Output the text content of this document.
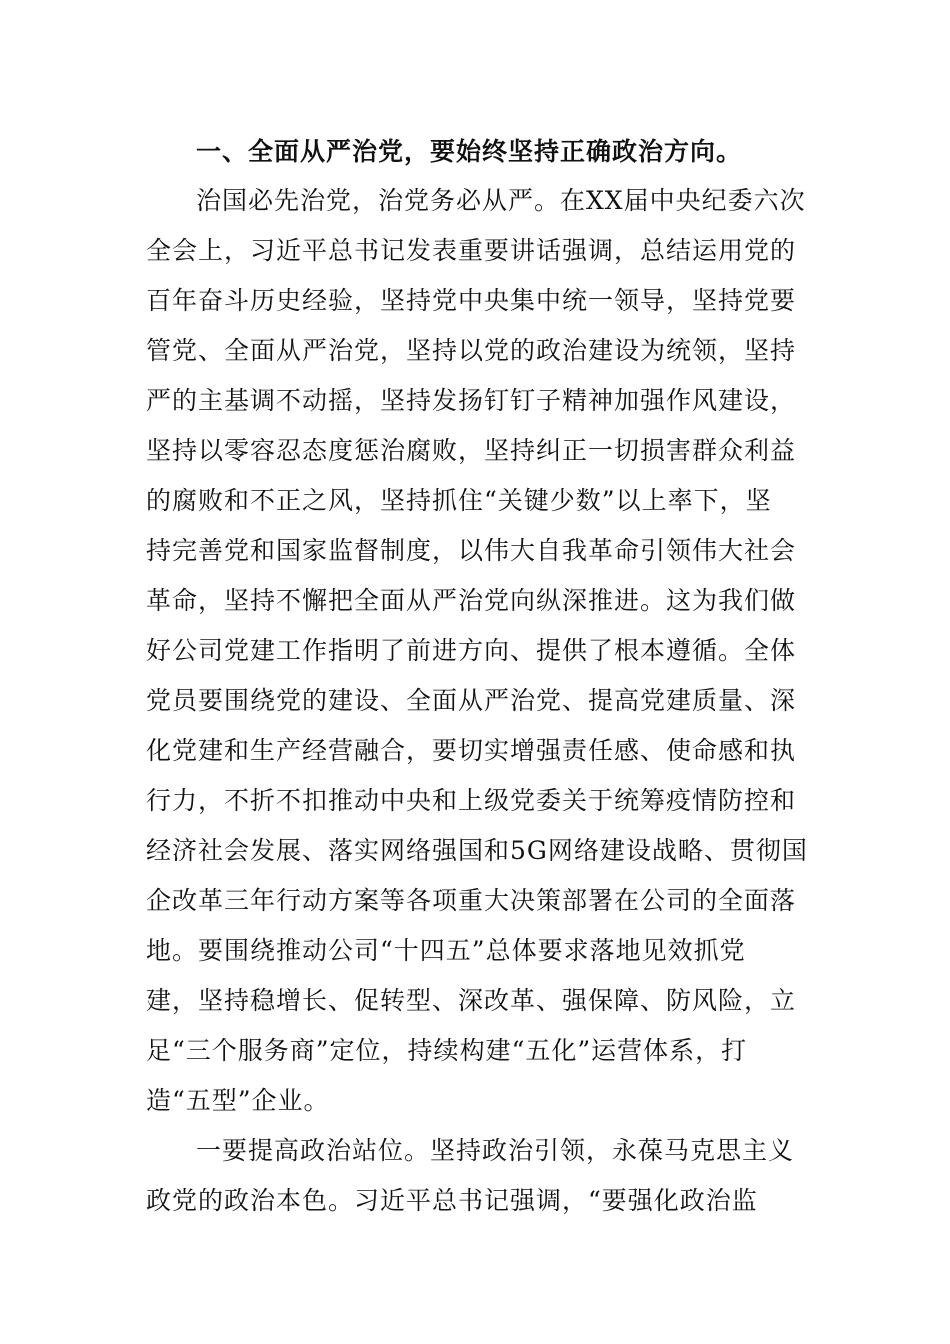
一、全面从严治党，要始终坚持正确政治方向。
治国必先治党，治党务必从严。在XX届中央纪委六次
全会上，习近平总书记发表重要讲话强调，总结运用党的
百年奋斗历史经验，坚持党中央集中统一领导，坚持党要
管党、全面从严治党，坚持以党的政治建设为统领，坚持
严的主基调不动摇，坚持发扬钉钉子精神加强作风建设，
坚持以零容忍态度惩治腐败，坚持纠正一切损害群众利益
的腐败和不正之风，坚持抓住“关键少数”以上率下，坚
持完善党和国家监督制度，以伟大自我革命引领伟大社会
革命，坚持不懈把全面从严治党向纵深推进。这为我们做
好公司党建工作指明了前进方向、提供了根本遵循。全体
党员要围绕党的建设、全面从严治党、提高党建质量、深
化党建和生产经营融合，要切实增强责任感、使命感和执
行力，不折不扣推动中央和上级党委关于统筹疫情防控和
经济社会发展、落实网络强国和5G网络建设战略、贯彻国
企改革三年行动方案等各项重大决策部署在公司的全面落
地。要围绕推动公司“十四五”总体要求落地见效抓党
建，坚持稳增长、促转型、深改革、强保障、防风险，立
足“三个服务商”定位，持续构建“五化”运营体系，打
造“五型”企业。
一要提高政治站位。坚持政治引领，永葆马克思主义
政党的政治本色。习近平总书记强调，“要强化政治监
